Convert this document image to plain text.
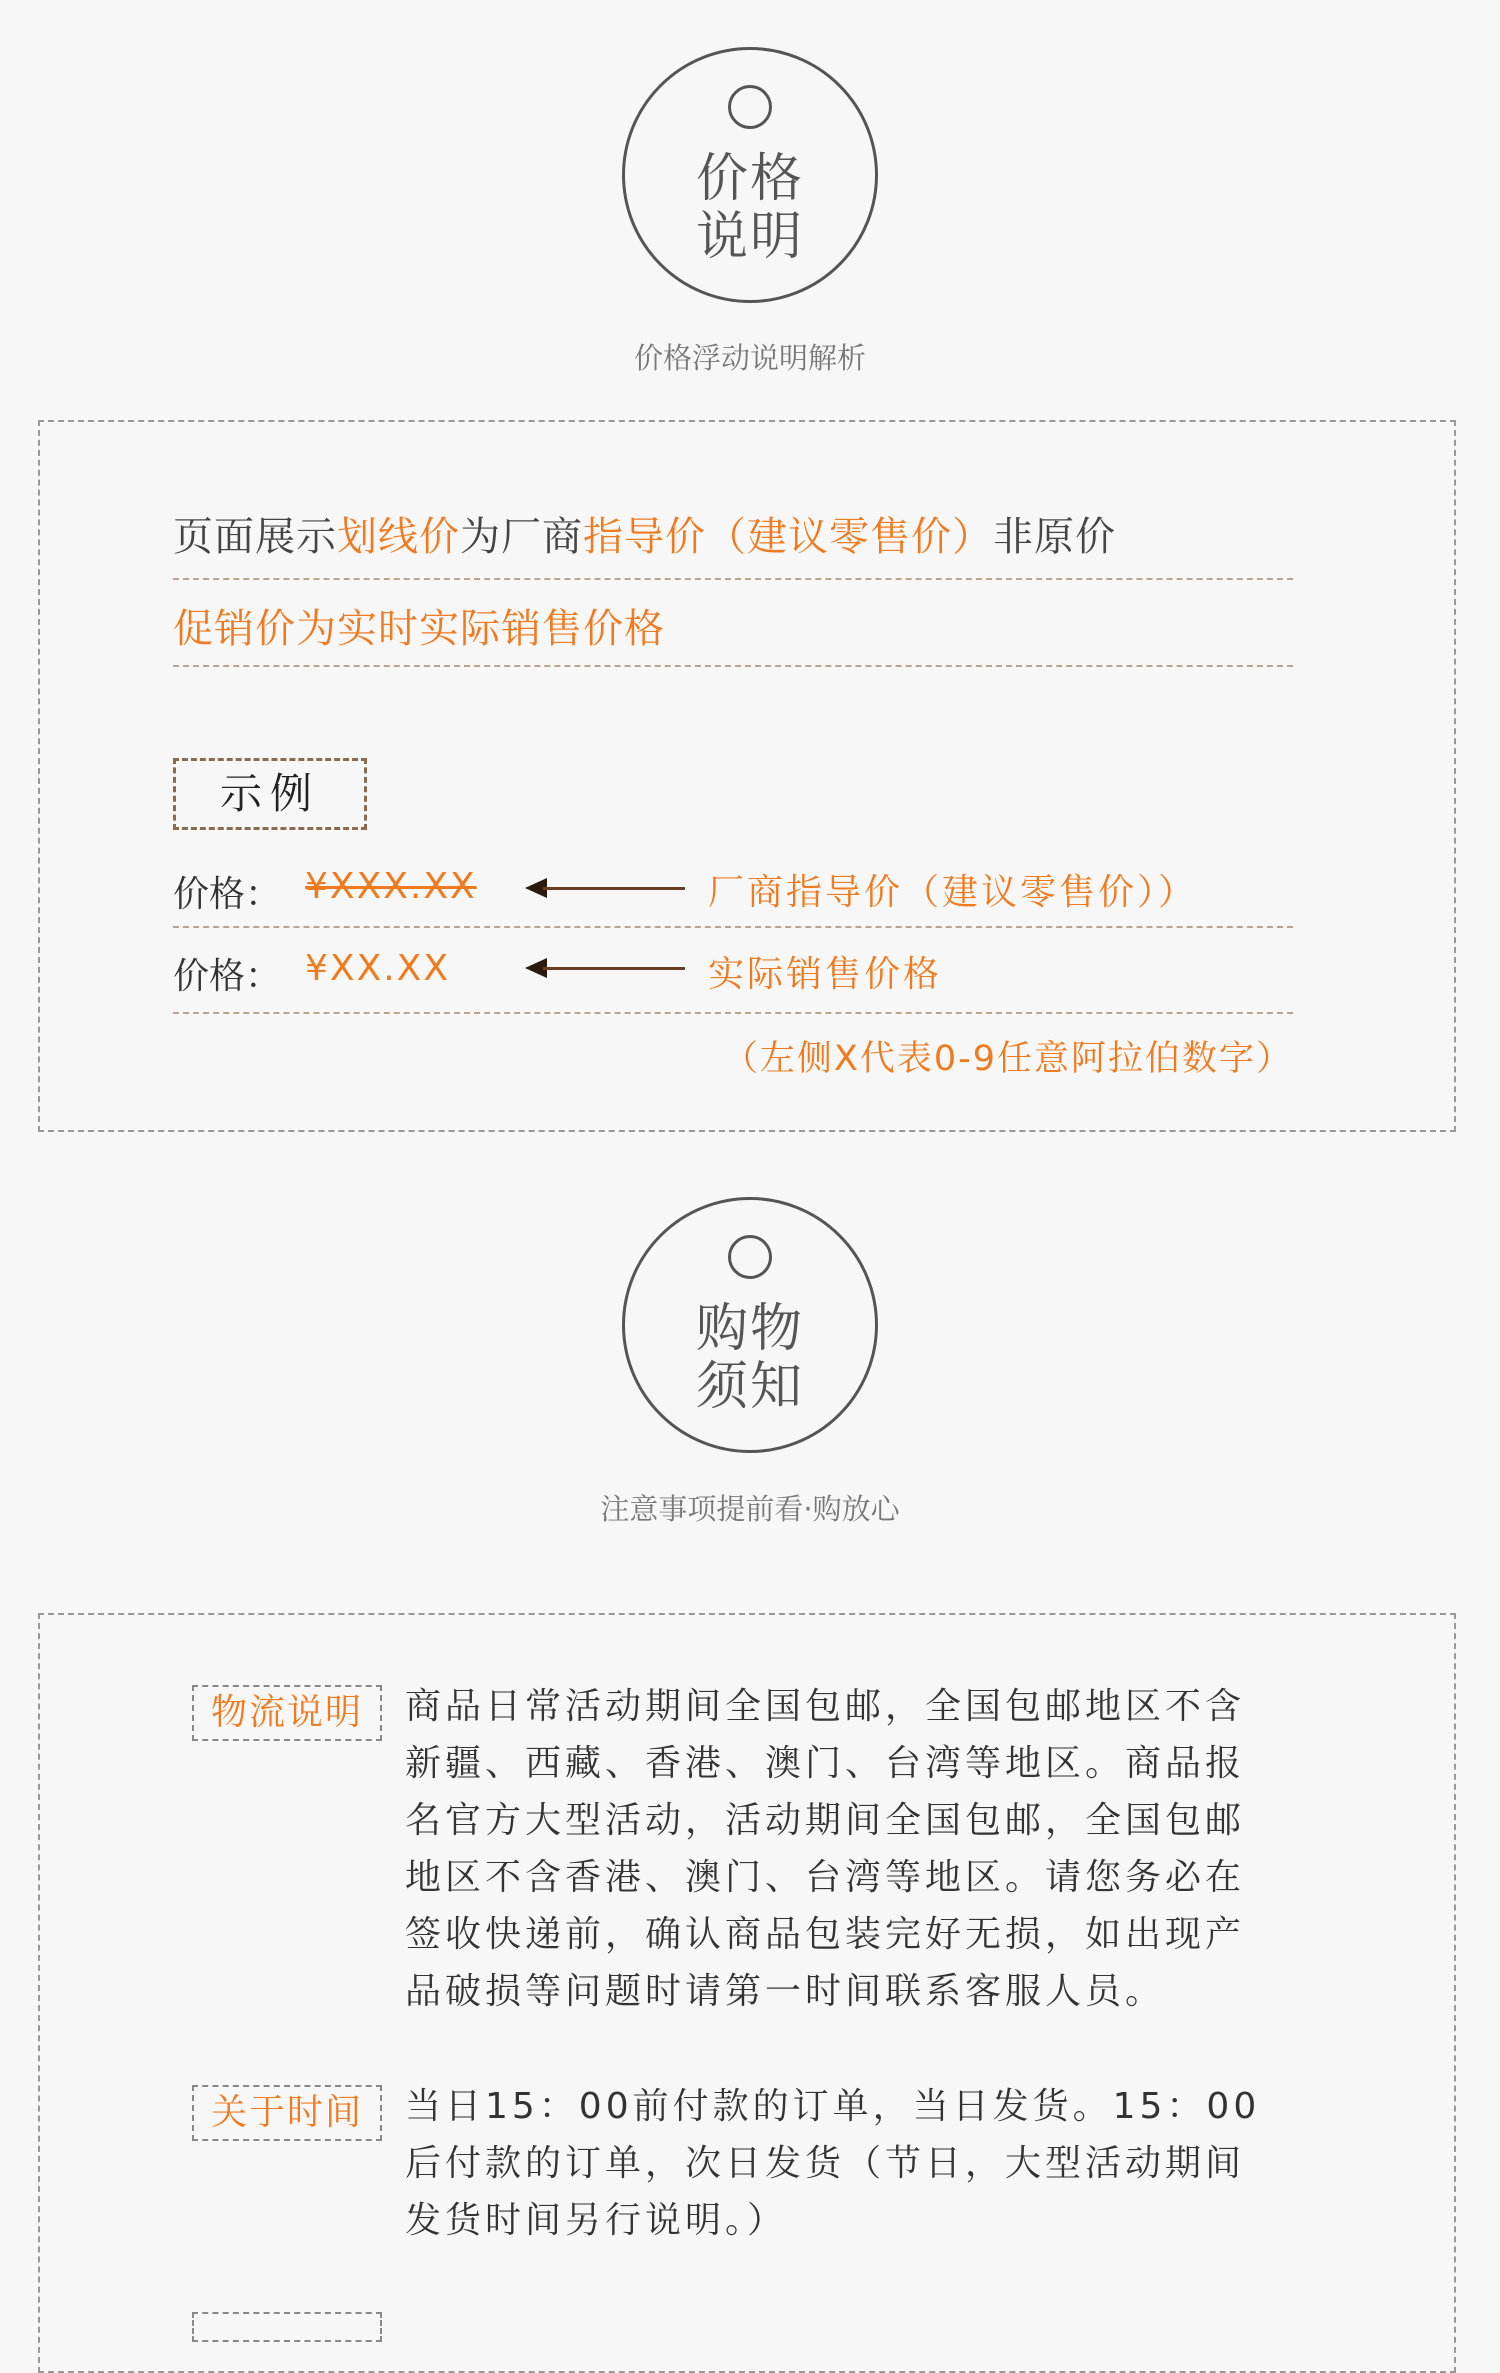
价格
说明
价格浮动说明解析
页面展示划线价为厂商指导价（建议零售价）非原价
促销价为实时实际销售价格
示例
价格： ¥XXX.XX	厂商指导价（建议零售价））
价格： ¥XX.XX	实际销售价格
（左侧X代表0-9任意阿拉伯数字）
购物
须知
注意事项提前看·购放心
物流说明	商品日常活动期间全国包邮，全国包邮地区不含
新疆、西藏、香港、澳门、台湾等地区。商品报
名官方大型活动，活动期间全国包邮，全国包邮
地区不含香港、澳门、台湾等地区。请您务必在
签收快递前，确认商品包装完好无损，如出现产
品破损等问题时请第一时间联系客服人员。
关于时间	当日15：00前付款的订单，当日发货。15：00
后付款的订单，次日发货（节日，大型活动期间
发货时间另行说明。）
